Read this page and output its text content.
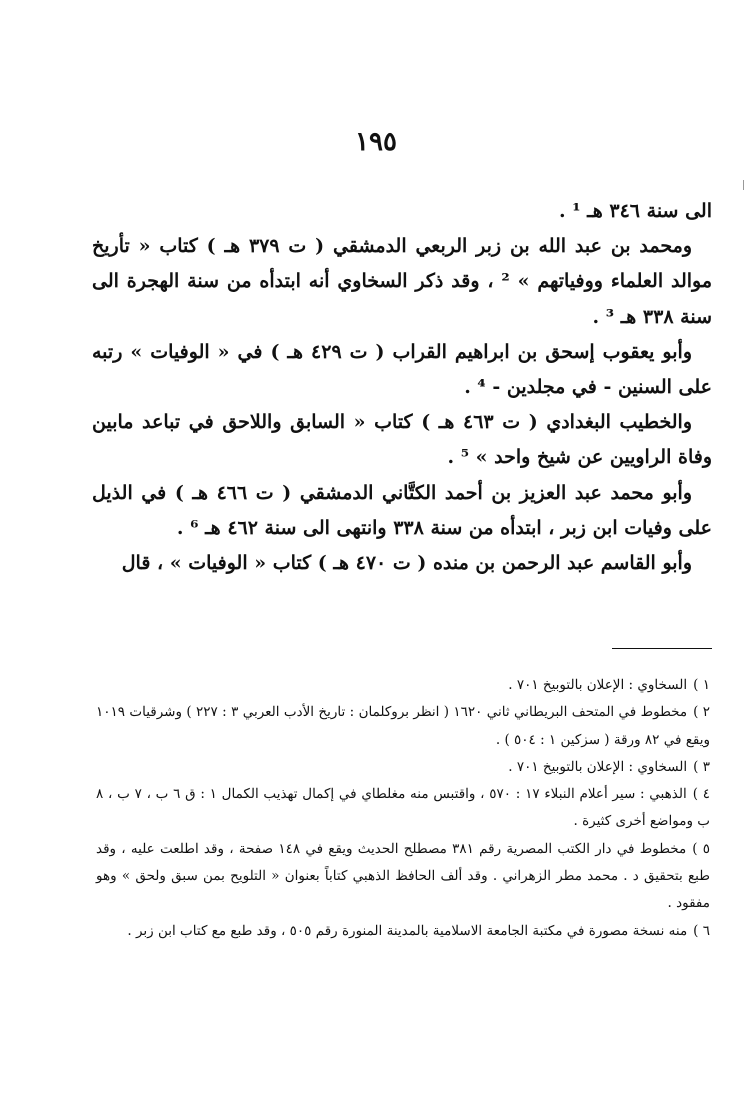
١٩٥

الى سنة ٣٤٦ هـ ¹ .

ومحمد بن عبد الله بن زبر الربعي الدمشقي ( ت ٣٧٩ هـ ) كتاب « تأريخ موالد العلماء ووفياتهم » ² ، وقد ذكر السخاوي أنه ابتدأه من سنة الهجرة الى سنة ٣٣٨ هـ ³ .

وأبو يعقوب إسحق بن ابراهيم القراب ( ت ٤٢٩ هـ ) في « الوفيات » رتبه على السنين - في مجلدين - ⁴ .

والخطيب البغدادي ( ت ٤٦٣ هـ ) كتاب « السابق واللاحق في تباعد مابين وفاة الراويين عن شيخ واحد » ⁵ .

وأبو محمد عبد العزيز بن أحمد الكتَّاني الدمشقي ( ت ٤٦٦ هـ ) في الذيل على وفيات ابن زبر ، ابتدأه من سنة ٣٣٨ وانتهى الى سنة ٤٦٢ هـ ⁶ .

وأبو القاسم عبد الرحمن بن منده ( ت ٤٧٠ هـ ) كتاب « الوفيات » ، قال

١ )السخاوي : الإعلان بالتوبيخ ٧٠١ .

٢ )مخطوط في المتحف البريطاني ثاني ١٦٢٠ ( انظر بروكلمان : تاريخ الأدب العربي ٣ : ٢٢٧ ) وشرقيات ١٠١٩ ويقع في ٨٢ ورقة ( سزكين ١ : ٥٠٤ ) .

٣ )السخاوي : الإعلان بالتوبيخ ٧٠١ .

٤ )الذهبي : سير أعلام النبلاء ١٧ : ٥٧٠ ، واقتبس منه مغلطاي في إكمال تهذيب الكمال ١ : ق ٦ ب ، ٧ ب ، ٨ ب ومواضع أخرى كثيرة .

٥ )مخطوط في دار الكتب المصرية رقم ٣٨١ مصطلح الحديث ويقع في ١٤٨ صفحة ، وقد اطلعت عليه ، وقد طبع بتحقيق د . محمد مطر الزهراني . وقد ألف الحافظ الذهبي كتاباً بعنوان « التلويح بمن سبق ولحق » وهو مفقود .

٦ )منه نسخة مصورة في مكتبة الجامعة الاسلامية بالمدينة المنورة رقم ٥٠٥ ، وقد طبع مع كتاب ابن زبر .
